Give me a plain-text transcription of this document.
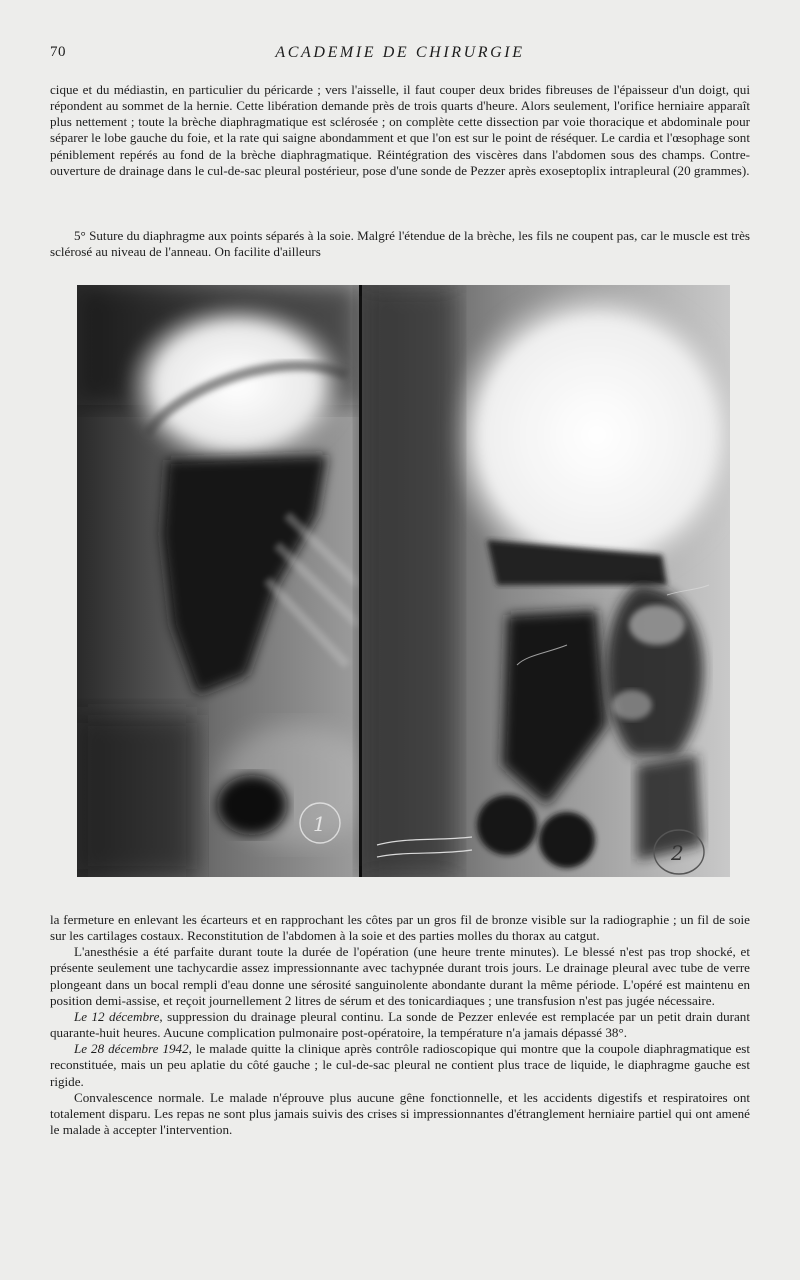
70	ACADEMIE DE CHIRURGIE

cique et du médiastin, en particulier du péricarde ; vers l'aisselle, il faut couper deux brides fibreuses de l'épaisseur d'un doigt, qui répondent au sommet de la hernie. Cette libération demande près de trois quarts d'heure. Alors seulement, l'orifice herniaire apparaît plus nettement ; toute la brèche diaphragmatique est sclérosée ; on complète cette dissection par voie thoracique et abdominale pour séparer le lobe gauche du foie, et la rate qui saigne abondamment et que l'on est sur le point de réséquer. Le cardia et l'œsophage sont péniblement repérés au fond de la brèche diaphragmatique. Réintégration des viscères dans l'abdomen sous des champs. Contre-ouverture de drainage dans le cul-de-sac pleural postérieur, pose d'une sonde de Pezzer après exoseptoplix intrapleural (20 grammes).

5° Suture du diaphragme aux points séparés à la soie. Malgré l'étendue de la brèche, les fils ne coupent pas, car le muscle est très sclérosé au niveau de l'anneau. On facilite d'ailleurs

1
2
la fermeture en enlevant les écarteurs et en rapprochant les côtes par un gros fil de bronze visible sur la radiographie ; un fil de soie sur les cartilages costaux. Reconstitution de l'abdomen à la soie et des parties molles du thorax au catgut.
L'anesthésie a été parfaite durant toute la durée de l'opération (une heure trente minutes). Le blessé n'est pas trop shocké, et présente seulement une tachycardie assez impressionnante avec tachypnée durant trois jours. Le drainage pleural avec tube de verre plongeant dans un bocal rempli d'eau donne une sérosité sanguinolente abondante durant la même période. L'opéré est maintenu en position demi-assise, et reçoit journellement 2 litres de sérum et des tonicardiaques ; une transfusion n'est pas jugée nécessaire.
Le 12 décembre, suppression du drainage pleural continu. La sonde de Pezzer enlevée est remplacée par un petit drain durant quarante-huit heures. Aucune complication pulmonaire post-opératoire, la température n'a jamais dépassé 38°.
Le 28 décembre 1942, le malade quitte la clinique après contrôle radioscopique qui montre que la coupole diaphragmatique est reconstituée, mais un peu aplatie du côté gauche ; le cul-de-sac pleural ne contient plus trace de liquide, le diaphragme gauche est rigide.
Convalescence normale. Le malade n'éprouve plus aucune gêne fonctionnelle, et les accidents digestifs et respiratoires ont totalement disparu. Les repas ne sont plus jamais suivis des crises si impressionnantes d'étranglement herniaire partiel qui ont amené le malade à accepter l'intervention.
